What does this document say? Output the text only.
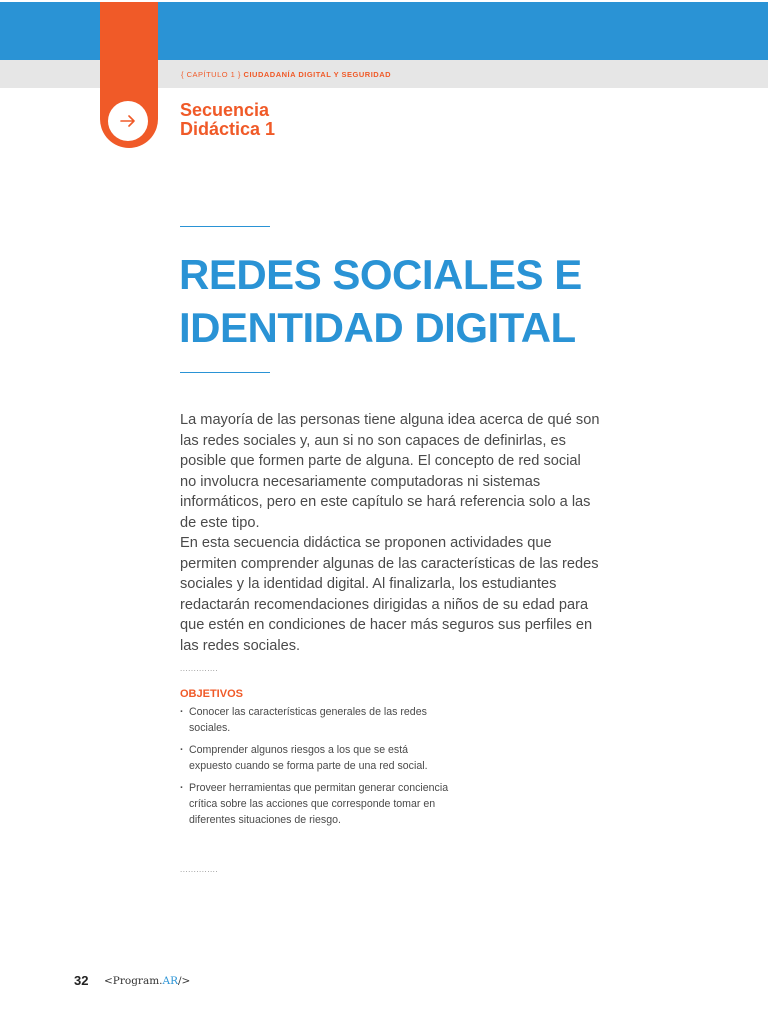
{ CAPÍTULO 1 } CIUDADANÍA DIGITAL Y SEGURIDAD
Secuencia
Didáctica 1
REDES SOCIALES E
IDENTIDAD DIGITAL

La mayoría de las personas tiene alguna idea acerca de qué son las redes sociales y, aun si no son capaces de definirlas, es posible que formen parte de alguna. El concepto de red social no involucra necesariamente computadoras ni sistemas informáticos, pero en este capítulo se hará referencia solo a las de este tipo.

En esta secuencia didáctica se proponen actividades que permiten comprender algunas de las características de las redes sociales y la identidad digital. Al finalizarla, los estudiantes redactarán recomendaciones dirigidas a niños de su edad para que estén en condiciones de hacer más seguros sus perfiles en las redes sociales.

..............
OBJETIVOS
· Conocer las características generales de las redes sociales.
· Comprender algunos riesgos a los que se está expuesto cuando se forma parte de una red social.
· Proveer herramientas que permitan generar conciencia crítica sobre las acciones que corresponde tomar en diferentes situaciones de riesgo.
..............
32 <Program.AR/>
